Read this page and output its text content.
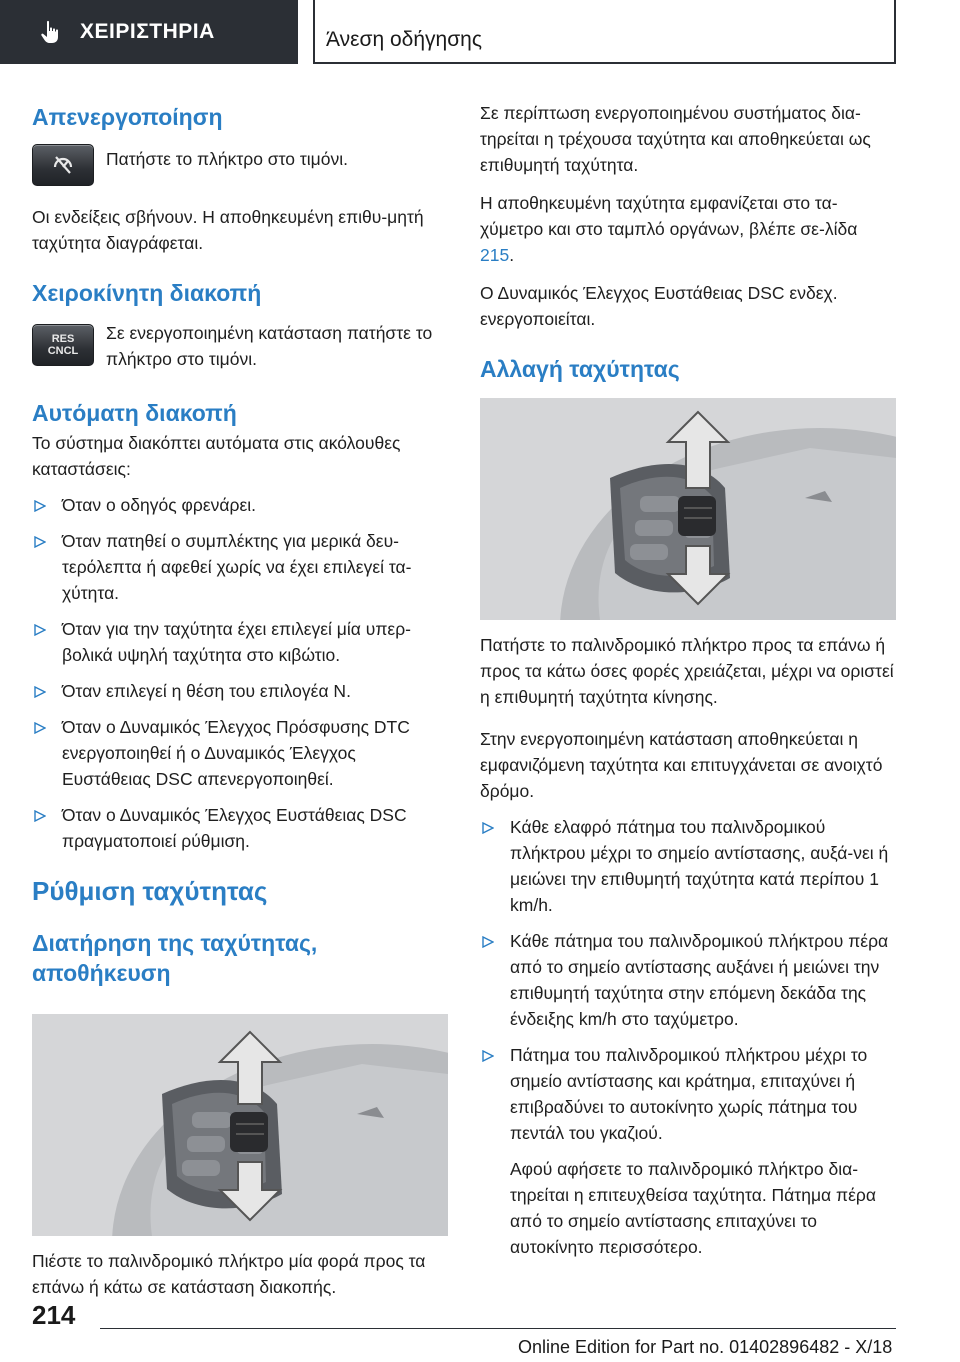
ΧΕΙΡΙΣΤΗΡΙΑ	Άνεση οδήγησης
Απενεργοποίηση
Πατήστε το πλήκτρο στο τιμόνι.
Οι ενδείξεις σβήνουν. Η αποθηκευμένη επιθυ-μητή ταχύτητα διαγράφεται.
Χειροκίνητη διακοπή
RES
CNCL
Σε ενεργοποιημένη κατάσταση πατήστε το πλήκτρο στο τιμόνι.
Αυτόματη διακοπή
Το σύστημα διακόπτει αυτόματα στις ακόλουθες καταστάσεις:
Όταν ο οδηγός φρενάρει.
Όταν πατηθεί ο συμπλέκτης για μερικά δευ-τερόλεπτα ή αφεθεί χωρίς να έχει επιλεγεί τα-χύτητα.
Όταν για την ταχύτητα έχει επιλεγεί μία υπερ-βολικά υψηλή ταχύτητα στο κιβώτιο.
Όταν επιλεγεί η θέση του επιλογέα N.
Όταν ο Δυναμικός Έλεγχος Πρόσφυσης DTC ενεργοποιηθεί ή ο Δυναμικός Έλεγχος Ευστάθειας DSC απενεργοποιηθεί.
Όταν ο Δυναμικός Έλεγχος Ευστάθειας DSC πραγματοποιεί ρύθμιση.
Ρύθμιση ταχύτητας
Διατήρηση της ταχύτητας,
αποθήκευση
Πιέστε το παλινδρομικό πλήκτρο μία φορά προς τα επάνω ή κάτω σε κατάσταση διακοπής.
Σε περίπτωση ενεργοποιημένου συστήματος δια-τηρείται η τρέχουσα ταχύτητα και αποθηκεύεται ως επιθυμητή ταχύτητα.
Η αποθηκευμένη ταχύτητα εμφανίζεται στο τα-χύμετρο και στο ταμπλό οργάνων, βλέπε σε-λίδα 215.
Ο Δυναμικός Έλεγχος Ευστάθειας DSC ενδεχ. ενεργοποιείται.
Αλλαγή ταχύτητας
Πατήστε το παλινδρομικό πλήκτρο προς τα επάνω ή προς τα κάτω όσες φορές χρειάζεται, μέχρι να οριστεί η επιθυμητή ταχύτητα κίνησης.
Στην ενεργοποιημένη κατάσταση αποθηκεύεται η εμφανιζόμενη ταχύτητα και επιτυγχάνεται σε ανοιχτό δρόμο.
Κάθε ελαφρό πάτημα του παλινδρομικού πλήκτρου μέχρι το σημείο αντίστασης, αυξά-νει ή μειώνει την επιθυμητή ταχύτητα κατά περίπου 1 km/h.
Κάθε πάτημα του παλινδρομικού πλήκτρου πέρα από το σημείο αντίστασης αυξάνει ή μειώνει την επιθυμητή ταχύτητα στην επόμενη δεκάδα της ένδειξης km/h στο ταχύμετρο.
Πάτημα του παλινδρομικού πλήκτρου μέχρι το σημείο αντίστασης και κράτημα, επιταχύνει ή επιβραδύνει το αυτοκίνητο χωρίς πάτημα του πεντάλ του γκαζιού.
Αφού αφήσετε το παλινδρομικό πλήκτρο δια-τηρείται η επιτευχθείσα ταχύτητα. Πάτημα πέρα από το σημείο αντίστασης επιταχύνει το αυτοκίνητο περισσότερο.
214
Online Edition for Part no. 01402896482 - X/18
